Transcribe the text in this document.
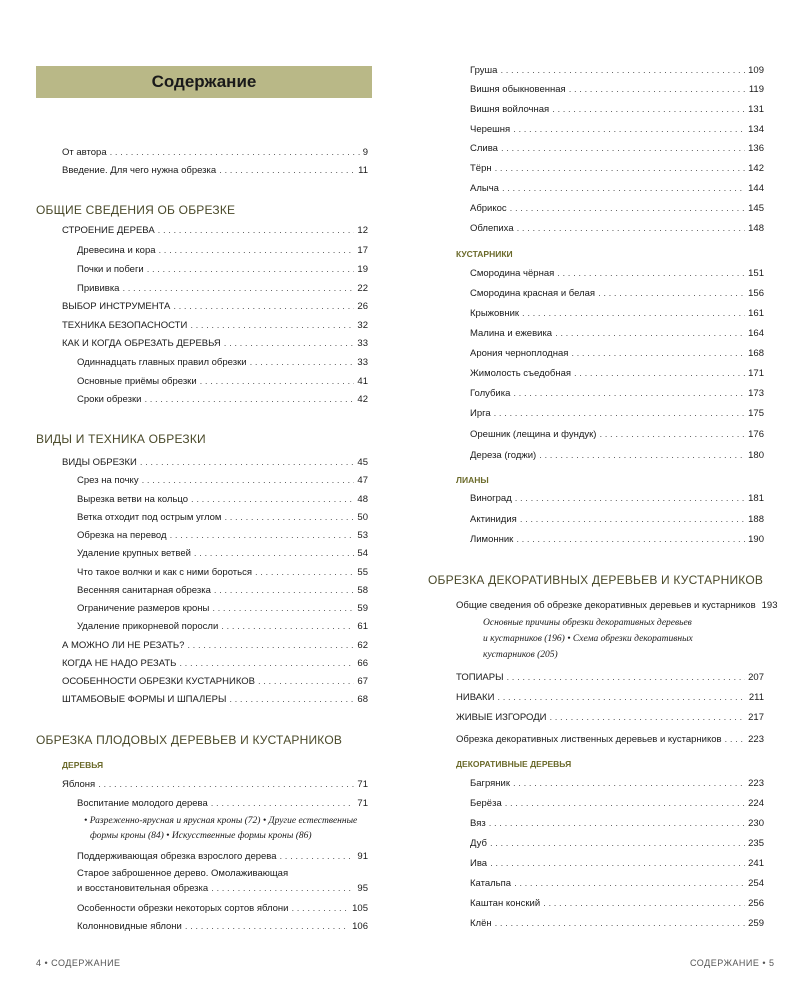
Содержание
От автора . . .	9
Введение. Для чего нужна обрезка . . .	11
ОБЩИЕ СВЕДЕНИЯ ОБ ОБРЕЗКЕ
СТРОЕНИЕ ДЕРЕВА . . .	12
Древесина и кора . . .	17
Почки и побеги . . .	19
Прививка . . .	22
ВЫБОР ИНСТРУМЕНТА . . .	26
ТЕХНИКА БЕЗОПАСНОСТИ . . .	32
КАК И КОГДА ОБРЕЗАТЬ ДЕРЕВЬЯ . . .	33
Одиннадцать главных правил обрезки . . .	33
Основные приёмы обрезки . . .	41
Сроки обрезки . . .	42
ВИДЫ И ТЕХНИКА ОБРЕЗКИ
ВИДЫ ОБРЕЗКИ . . .	45
Срез на почку . . .	47
Вырезка ветви на кольцо . . .	48
Ветка отходит под острым углом . . .	50
Обрезка на перевод . . .	53
Удаление крупных ветвей . . .	54
Что такое волчки и как с ними бороться . . .	55
Весенняя санитарная обрезка . . .	58
Ограничение размеров кроны . . .	59
Удаление прикорневой поросли . . .	61
А МОЖНО ЛИ НЕ РЕЗАТЬ? . . .	62
КОГДА НЕ НАДО РЕЗАТЬ . . .	66
ОСОБЕННОСТИ ОБРЕЗКИ КУСТАРНИКОВ . . .	67
ШТАМБОВЫЕ ФОРМЫ И ШПАЛЕРЫ . . .	68
ОБРЕЗКА ПЛОДОВЫХ ДЕРЕВЬЕВ И КУСТАРНИКОВ
ДЕРЕВЬЯ
Яблоня . . .	71
Воспитание молодого дерева . . .	71
• Разреженно-ярусная и ярусная кроны (72) • Другие естественные
формы кроны (84) • Искусственные формы кроны (86)
Поддерживающая обрезка взрослого дерева . . .	91
Старое заброшенное дерево. Омолаживающая
и восстановительная обрезка . . .	95
Особенности обрезки некоторых сортов яблони . . .	105
Колонновидные яблони . . .	106
4 • СОДЕРЖАНИЕ
Груша . . .	109
Вишня обыкновенная . . .	119
Вишня войлочная . . .	131
Черешня . . .	134
Слива . . .	136
Тёрн . . .	142
Алыча . . .	144
Абрикос . . .	145
Облепиха . . .	148
КУСТАРНИКИ
Смородина чёрная . . .	151
Смородина красная и белая . . .	156
Крыжовник . . .	161
Малина и ежевика . . .	164
Арония черноплодная . . .	168
Жимолость съедобная . . .	171
Голубика . . .	173
Ирга . . .	175
Орешник (лещина и фундук) . . .	176
Дереза (годжи) . . .	180
ЛИАНЫ
Виноград . . .	181
Актинидия . . .	188
Лимонник . . .	190
ОБРЕЗКА ДЕКОРАТИВНЫХ ДЕРЕВЬЕВ И КУСТАРНИКОВ
Общие сведения об обрезке декоративных деревьев и кустарников 193
Основные причины обрезки декоративных деревьев
и кустарников (196) • Схема обрезки декоративных
кустарников (205)
ТОПИАРЫ . . .	207
НИВАКИ . . .	211
ЖИВЫЕ ИЗГОРОДИ . . .	217
Обрезка декоративных лиственных деревьев и кустарников . . .	223
ДЕКОРАТИВНЫЕ ДЕРЕВЬЯ
Багряник . . .	223
Берёза . . .	224
Вяз . . .	230
Дуб . . .	235
Ива . . .	241
Катальпа . . .	254
Каштан конский . . .	256
Клён . . .	259
СОДЕРЖАНИЕ • 5
